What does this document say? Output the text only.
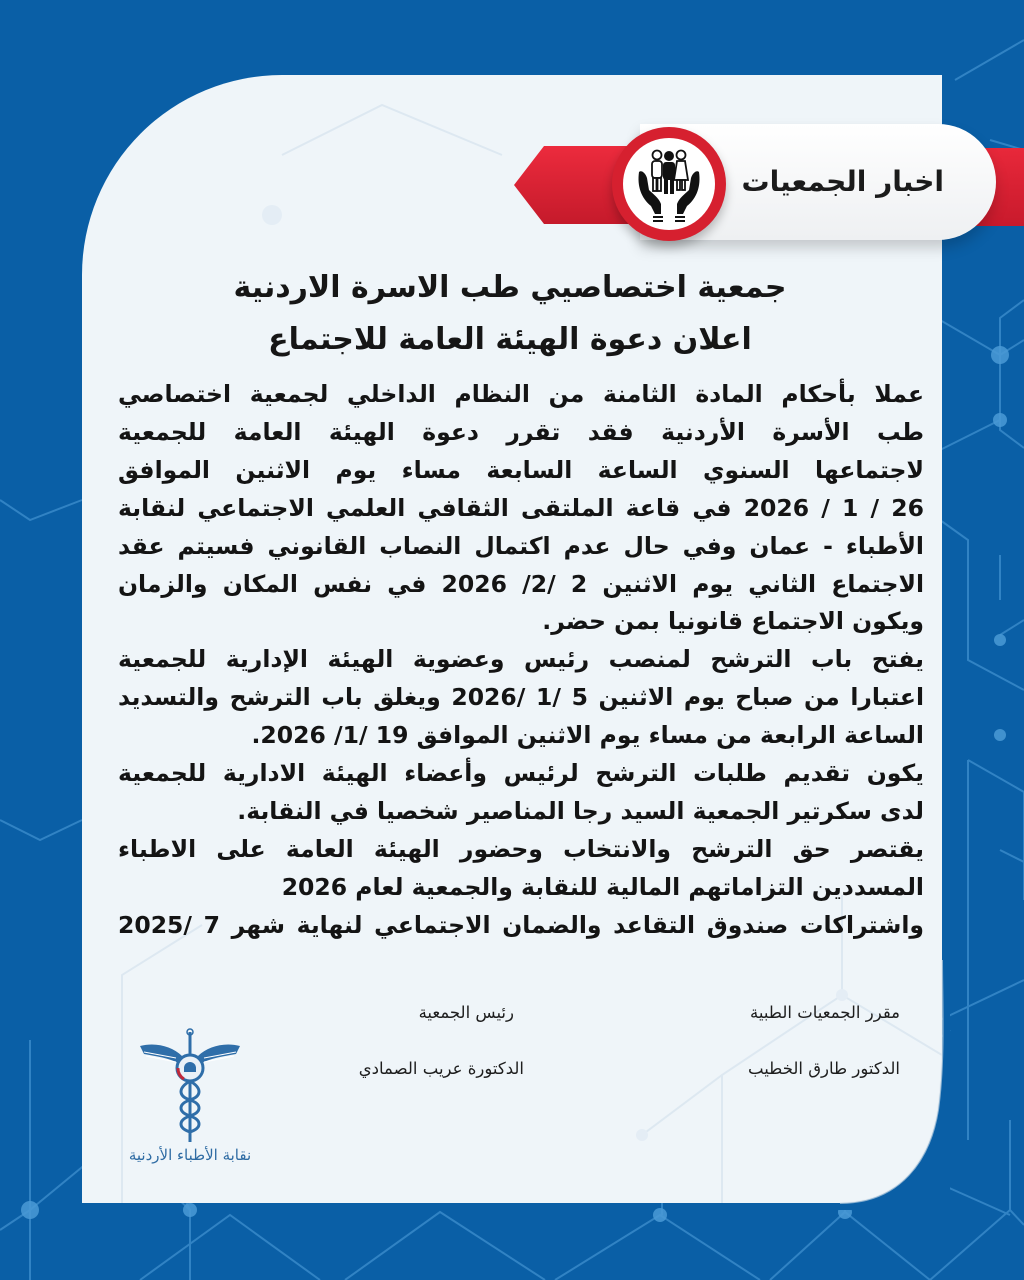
اخبار الجمعيات
جمعية اختصاصيي طب الاسرة الاردنية
اعلان دعوة الهيئة العامة للاجتماع
عملا بأحكام المادة الثامنة من النظام الداخلي لجمعية اختصاصي
طب الأسرة الأردنية فقد تقرر دعوة الهيئة العامة للجمعية
لاجتماعها السنوي الساعة السابعة مساء يوم الاثنين الموافق
26 / 1 / 2026 في قاعة الملتقى الثقافي العلمي الاجتماعي لنقابة
الأطباء - عمان وفي حال عدم اكتمال النصاب القانوني فسيتم عقد
الاجتماع الثاني يوم الاثنين 2 /2/ 2026 في نفس المكان والزمان
ويكون الاجتماع قانونيا بمن حضر.
يفتح باب الترشح لمنصب رئيس وعضوية الهيئة الإدارية للجمعية
اعتبارا من صباح يوم الاثنين 5 /1 /2026 ويغلق باب الترشح والتسديد
الساعة الرابعة من مساء يوم الاثنين الموافق 19 /1/ 2026.
يكون تقديم طلبات الترشح لرئيس وأعضاء الهيئة الادارية للجمعية
لدى سكرتير الجمعية السيد رجا المناصير شخصيا في النقابة.
يقتصر حق الترشح والانتخاب وحضور الهيئة العامة على الاطباء
المسددين التزاماتهم المالية للنقابة والجمعية لعام 2026
واشتراكات صندوق التقاعد والضمان الاجتماعي لنهاية شهر 7 /2025
مقرر الجمعيات الطبية
الدكتور طارق الخطيب
رئيس الجمعية
الدكتورة عريب الصمادي
نقابة الأطباء الأردنية
